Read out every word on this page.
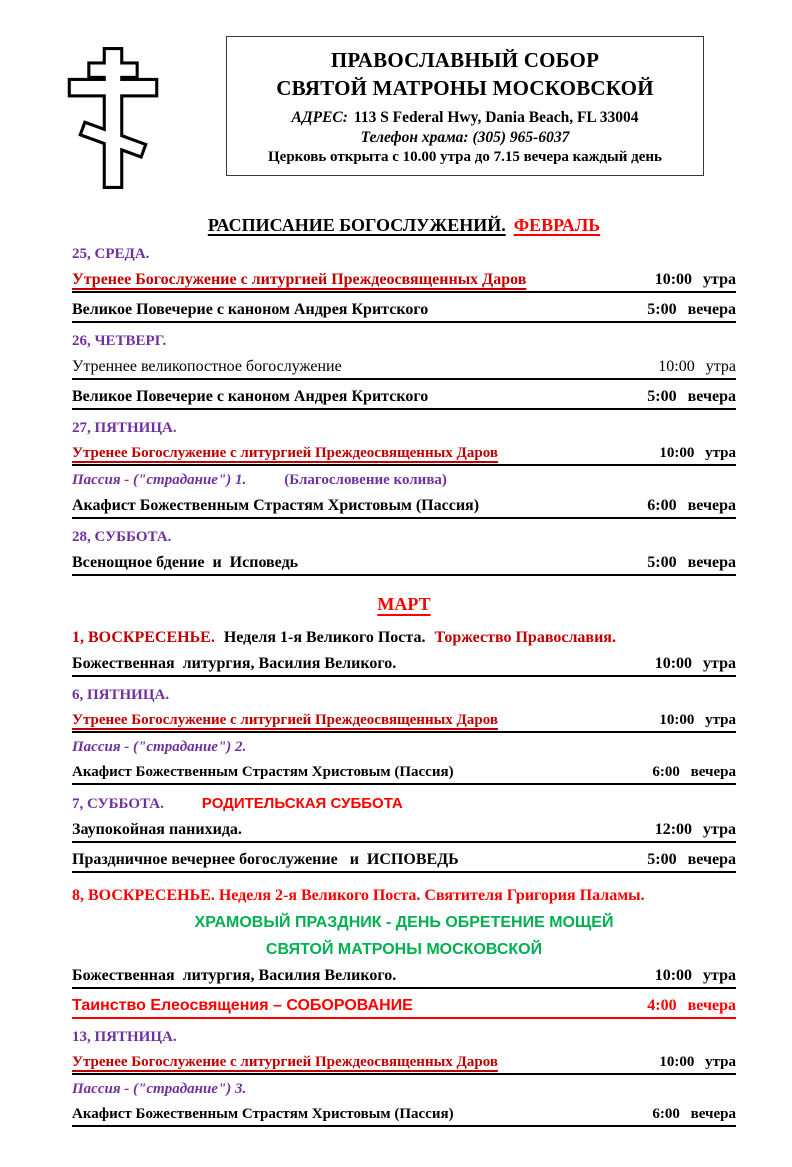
ПРАВОСЛАВНЫЙ СОБОР
СВЯТОЙ МАТРОНЫ МОСКОВСКОЙ
АДРЕС: 113 S Federal Hwy, Dania Beach, FL 33004
Телефон храма: (305) 965-6037
Церковь открыта с 10.00 утра до 7.15 вечера каждый день
РАСПИСАНИЕ БОГОСЛУЖЕНИЙ. ФЕВРАЛЬ
25, СРЕДА.
Утренее Богослужение с литургией Преждеосвященных Даров	10:00 утра
Великое Повечерие с каноном Андрея Критского	5:00 вечера
26, ЧЕТВЕРГ.
Утреннее великопостное богослужение	10:00 утра
Великое Повечерие с каноном Андрея Критского	5:00 вечера
27, ПЯТНИЦА.
Утренее Богослужение с литургией Преждеосвященных Даров	10:00 утра
Пассия - ("страдание") 1.	(Благословение колива)
Акафист Божественным Страстям Христовым (Пассия)	6:00 вечера
28, СУББОТА.
Всенощное бдение  и  Исповедь	5:00 вечера
МАРТ
1, ВОСКРЕСЕНЬЕ. Неделя 1-я Великого Поста. Торжество Православия.
Божественная  литургия, Василия Великого.	10:00 утра
6, ПЯТНИЦА.
Утренее Богослужение с литургией Преждеосвященных Даров	10:00 утра
Пассия - ("страдание") 2.
Акафист Божественным Страстям Христовым (Пассия)	6:00 вечера
7, СУББОТА.	РОДИТЕЛЬСКАЯ СУББОТА
Заупокойная панихида.	12:00 утра
Праздничное вечернее богослужение   и  ИСПОВЕДЬ	5:00 вечера
8, ВОСКРЕСЕНЬЕ. Неделя 2-я Великого Поста. Святителя Григория Паламы.
ХРАМОВЫЙ ПРАЗДНИК - ДЕНЬ ОБРЕТЕНИЕ МОЩЕЙ
СВЯТОЙ МАТРОНЫ МОСКОВСКОЙ
Божественная  литургия, Василия Великого.	10:00 утра
Таинство Елеосвящения – СОБОРОВАНИЕ	4:00 вечера
13, ПЯТНИЦА.
Утренее Богослужение с литургией Преждеосвященных Даров	10:00 утра
Пассия - ("страдание") 3.
Акафист Божественным Страстям Христовым (Пассия)	6:00 вечера
